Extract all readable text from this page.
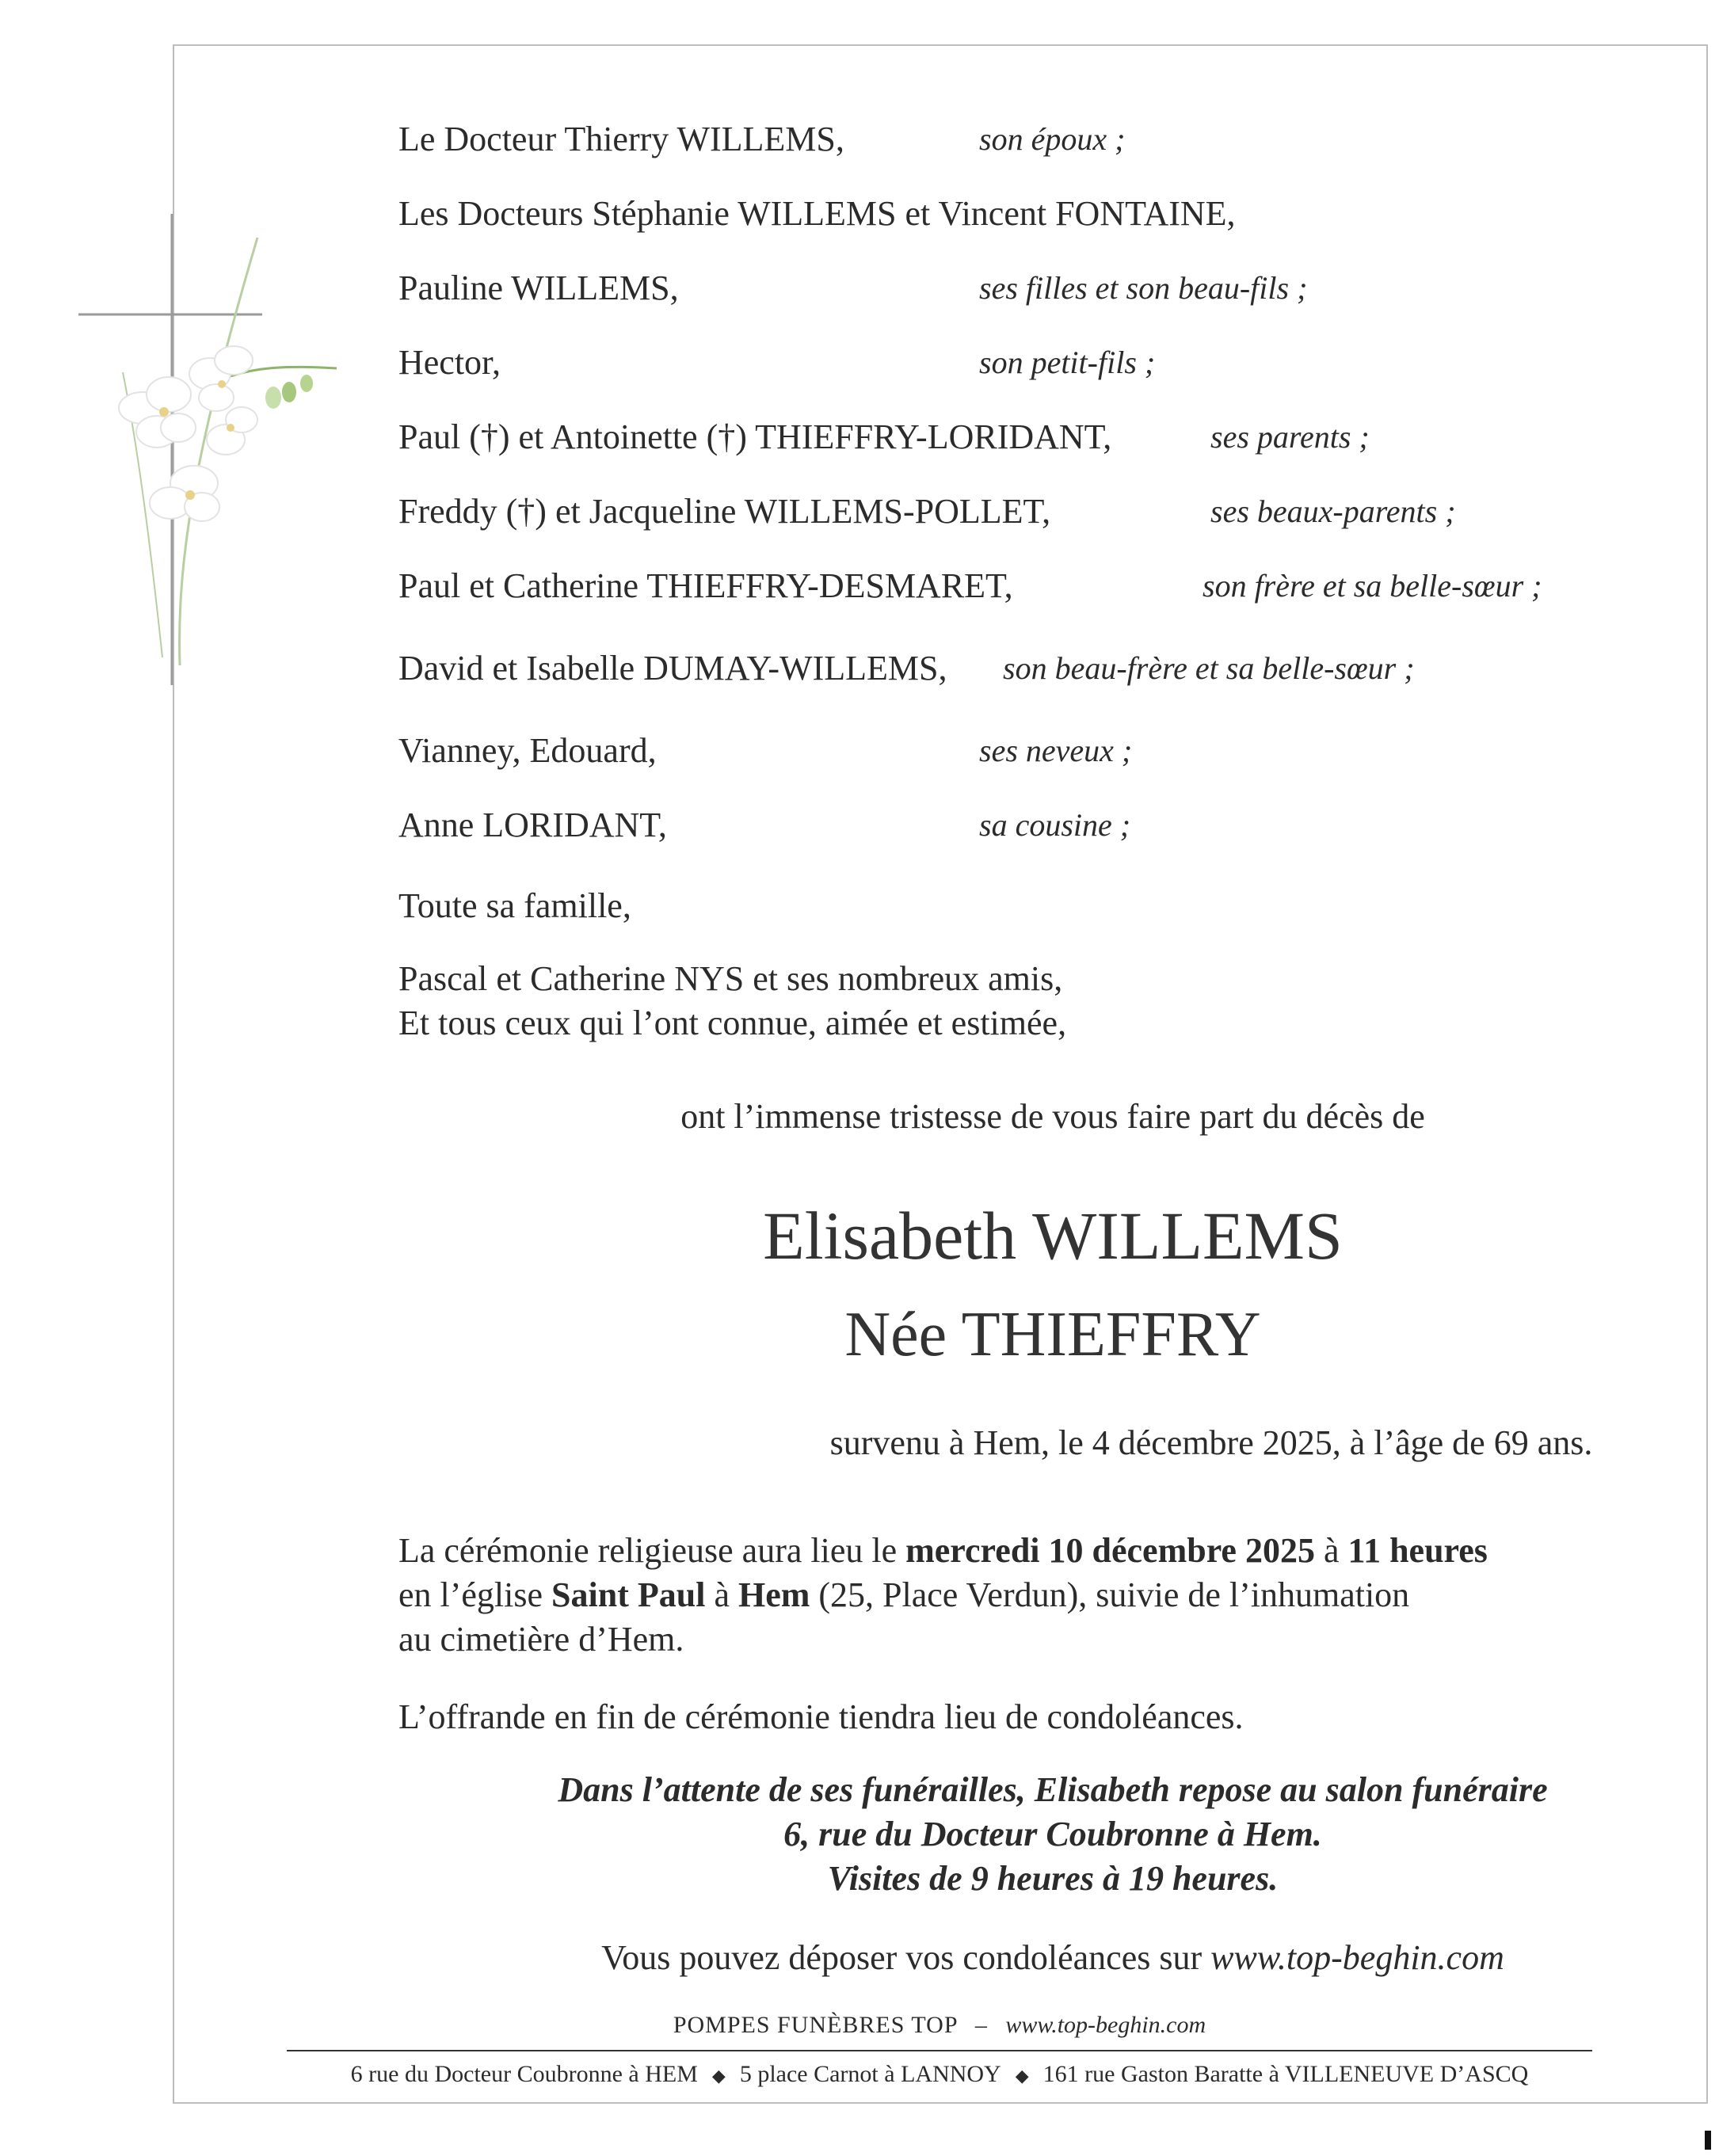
Le Docteur Thierry WILLEMS,	son époux ;
Les Docteurs Stéphanie WILLEMS et Vincent FONTAINE,
Pauline WILLEMS,	ses filles et son beau-fils ;
Hector,	son petit-fils ;
Paul (†) et Antoinette (†) THIEFFRY-LORIDANT,	ses parents ;
Freddy (†) et Jacqueline WILLEMS-POLLET,	ses beaux-parents ;
Paul et Catherine THIEFFRY-DESMARET,	son frère et sa belle-sœur ;
David et Isabelle DUMAY-WILLEMS, son beau-frère et sa belle-sœur ;
Vianney, Edouard,	ses neveux ;
Anne LORIDANT,	sa cousine ;
Toute sa famille,
Pascal et Catherine NYS et ses nombreux amis,
Et tous ceux qui l’ont connue, aimée et estimée,
ont l’immense tristesse de vous faire part du décès de
Elisabeth WILLEMS
Née THIEFFRY
survenu à Hem, le 4 décembre 2025, à l’âge de 69 ans.
La cérémonie religieuse aura lieu le mercredi 10 décembre 2025 à 11 heures
en l’église Saint Paul à Hem (25, Place Verdun), suivie de l’inhumation
au cimetière d’Hem.
L’offrande en fin de cérémonie tiendra lieu de condoléances.
Dans l’attente de ses funérailles, Elisabeth repose au salon funéraire
6, rue du Docteur Coubronne à Hem.
Visites de 9 heures à 19 heures.
Vous pouvez déposer vos condoléances sur www.top-beghin.com
POMPES FUNÈBRES TOP – www.top-beghin.com
6 rue du Docteur Coubronne à HEM ◆ 5 place Carnot à LANNOY ◆ 161 rue Gaston Baratte à VILLENEUVE D’ASCQ
